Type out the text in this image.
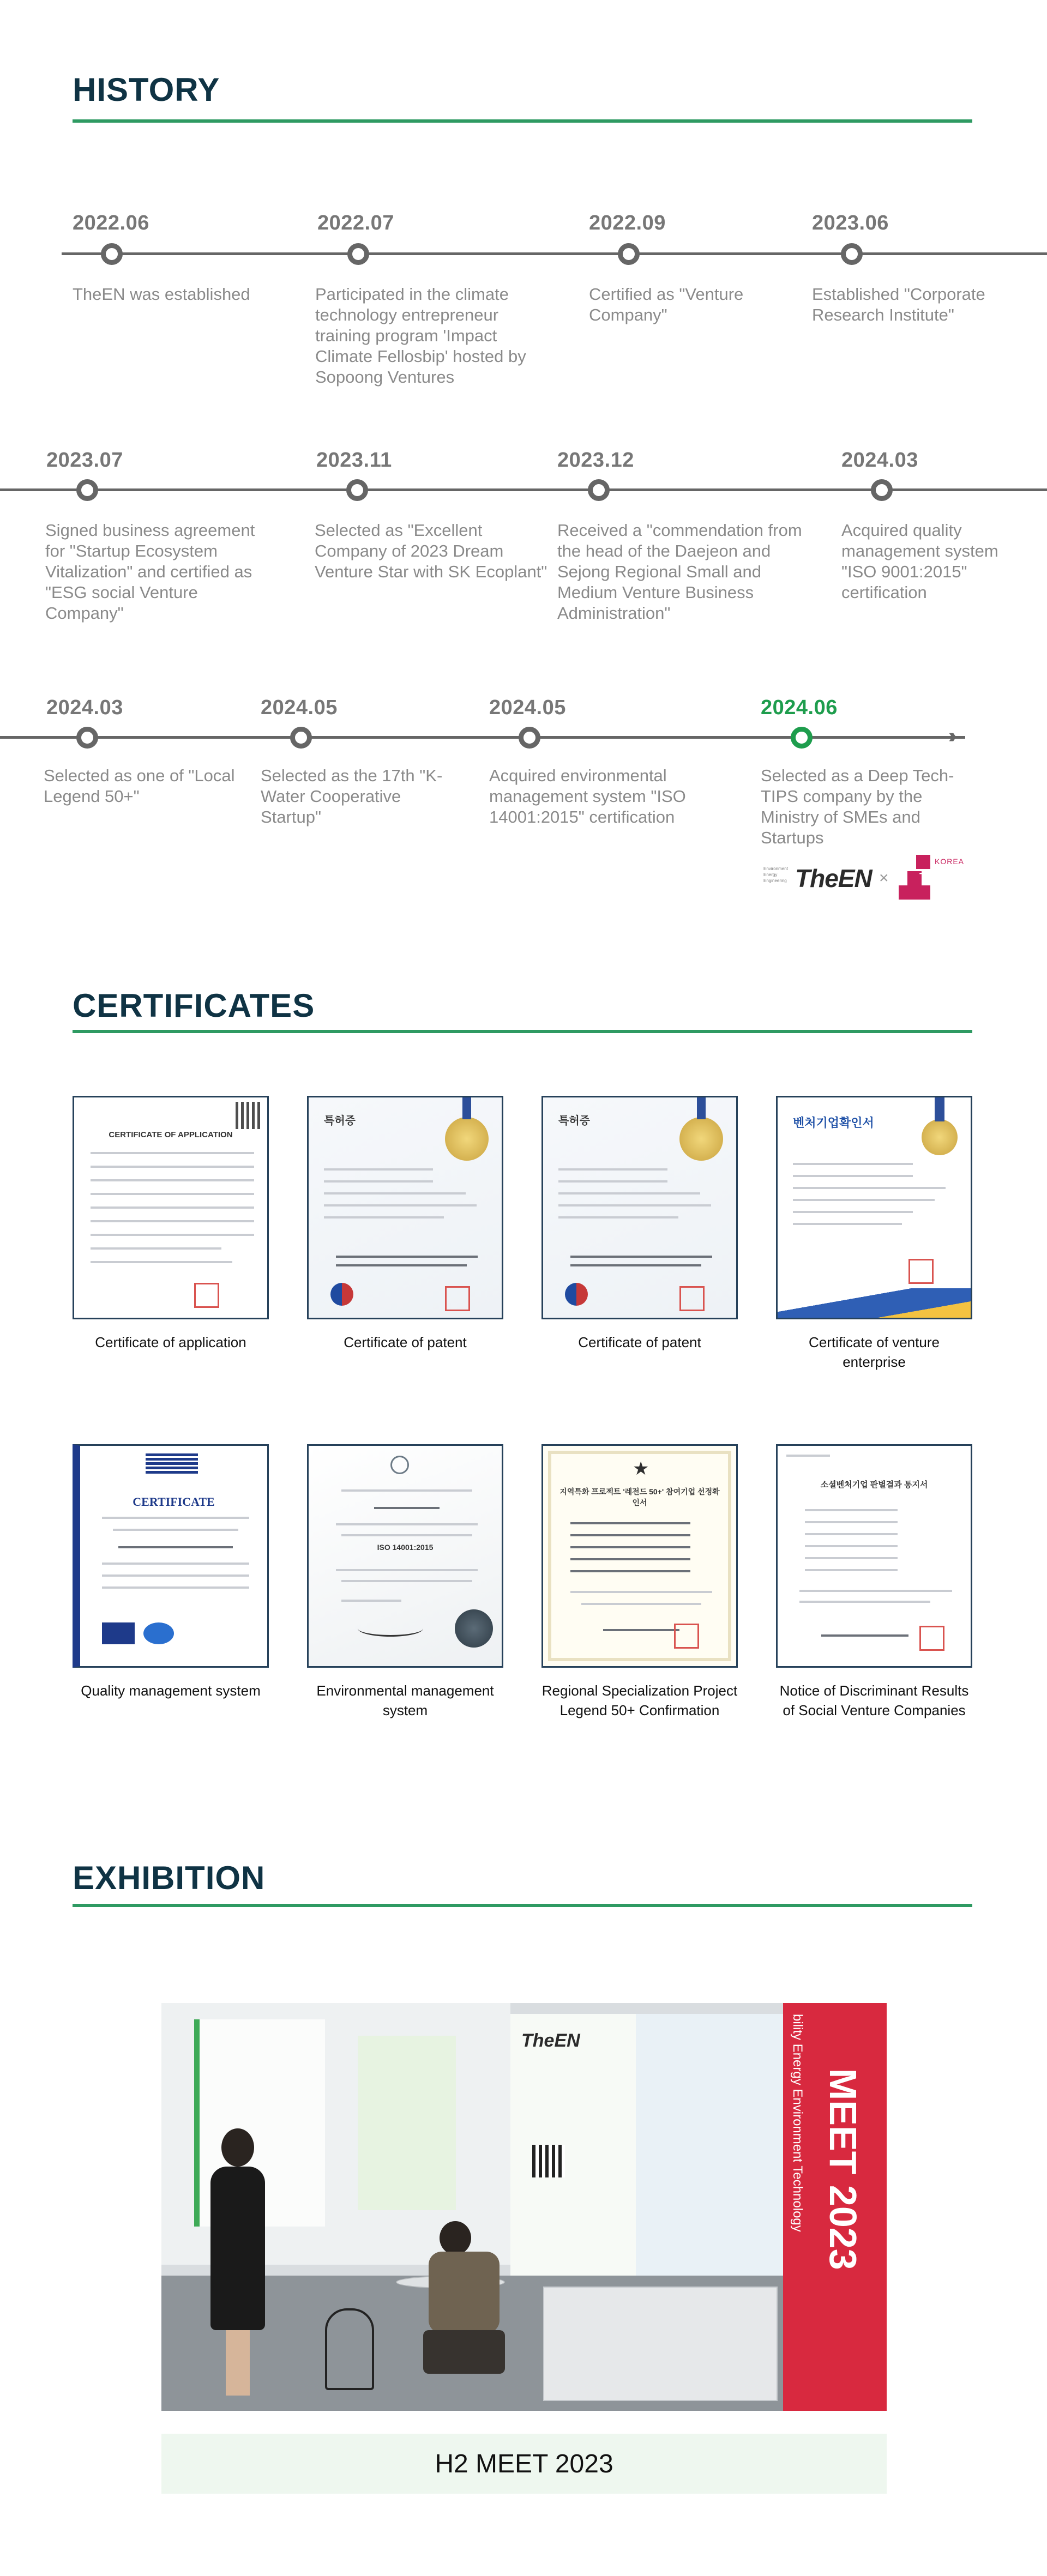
HISTORY
2022.06
TheEN was established
2022.07
Participated in the climate technology entrepreneur training program 'Impact Climate Fellosbip' hosted by Sopoong Ventures
2022.09
Certified as "Venture Company"
2023.06
Established "Corporate Research Institute"
2023.07
Signed business agreement for "Startup Ecosystem Vitalization" and certified as "ESG social Venture Company"
2023.11
Selected as "Excellent Company of 2023 Dream Venture Star with SK Ecoplant"
2023.12
Received a "commendation from the head of the Daejeon and Sejong Regional Small and Medium Venture Business Administration"
2024.03
Acquired quality management system "ISO 9001:2015" certification
2024.03
Selected as one of "Local Legend 50+"
2024.05
Selected as the 17th "K-Water Cooperative Startup"
2024.05
Acquired environmental management system "ISO 14001:2015" certification
2024.06
Selected as a Deep Tech-TIPS company by the Ministry of SMEs and Startups
Environment Energy Engineering TheEN ×	TIPS
KOREA
CERTIFICATES
CERTIFICATE OF APPLICATION
Certificate of application
특허증
Certificate of patent
특허증
Certificate of patent
벤처기업확인서
Certificate of venture enterprise
CERTIFICATE
Quality management system
ISO 14001:2015
Environmental management system
★
지역특화 프로젝트 '레전드 50+' 참여기업 선정확인서
Regional Specialization Project Legend 50+ Confirmation
소셜벤처기업 판별결과 통지서
Notice of Discriminant Results of Social Venture Companies
EXHIBITION
TheEN
MEET 2023
bility Energy Environment Technology
H2 MEET 2023
